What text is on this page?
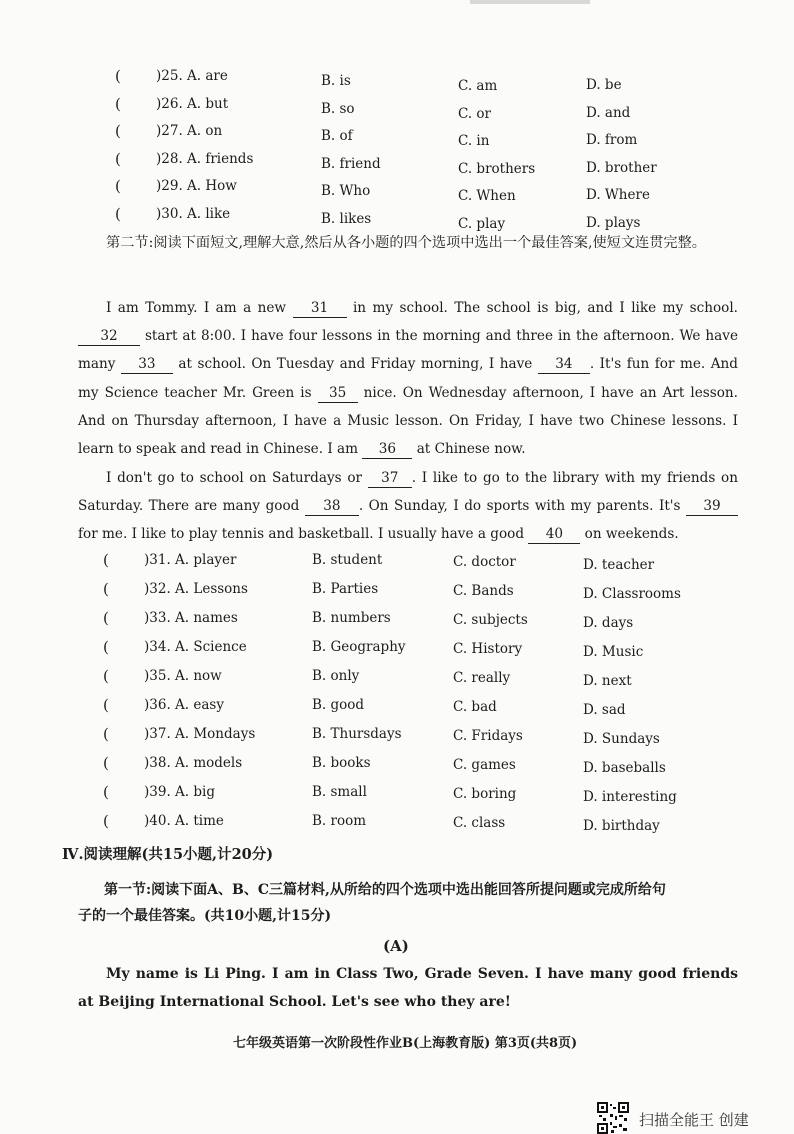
(	)25. A. are	B. is	C. am	D. be
(	)26. A. but	B. so	C. or	D. and
(	)27. A. on	B. of	C. in	D. from
(	)28. A. friends	B. friend	C. brothers	D. brother
(	)29. A. How	B. Who	C. When	D. Where
(	)30. A. like	B. likes	C. play	D. plays
第二节:阅读下面短文,理解大意,然后从各小题的四个选项中选出一个最佳答案,使短文连贯完整。
I am Tommy. I am a new 31 in my school. The school is big, and I like my school. 32 start at 8:00. I have four lessons in the morning and three in the afternoon. We have many 33 at school. On Tuesday and Friday morning, I have 34 . It's fun for me. And my Science teacher Mr. Green is 35 nice. On Wednesday afternoon, I have an Art lesson. And on Thursday afternoon, I have a Music lesson. On Friday, I have two Chinese lessons. I learn to speak and read in Chinese. I am 36 at Chinese now.
I don't go to school on Saturdays or 37 . I like to go to the library with my friends on Saturday. There are many good 38 . On Sunday, I do sports with my parents. It's 39 for me. I like to play tennis and basketball. I usually have a good 40 on weekends.
(	)31. A. player	B. student	C. doctor	D. teacher
(	)32. A. Lessons	B. Parties	C. Bands	D. Classrooms
(	)33. A. names	B. numbers	C. subjects	D. days
(	)34. A. Science	B. Geography	C. History	D. Music
(	)35. A. now	B. only	C. really	D. next
(	)36. A. easy	B. good	C. bad	D. sad
(	)37. A. Mondays	B. Thursdays	C. Fridays	D. Sundays
(	)38. A. models	B. books	C. games	D. baseballs
(	)39. A. big	B. small	C. boring	D. interesting
(	)40. A. time	B. room	C. class	D. birthday
Ⅳ.阅读理解(共15小题,计20分)
第一节:阅读下面A、B、C三篇材料,从所给的四个选项中选出能回答所提问题或完成所给句
子的一个最佳答案。(共10小题,计15分)
(A)
My name is Li Ping. I am in Class Two, Grade Seven. I have many good friends at Beijing International School. Let's see who they are!
七年级英语第一次阶段性作业B(上海教育版) 第3页(共8页)
扫描全能王 创建
